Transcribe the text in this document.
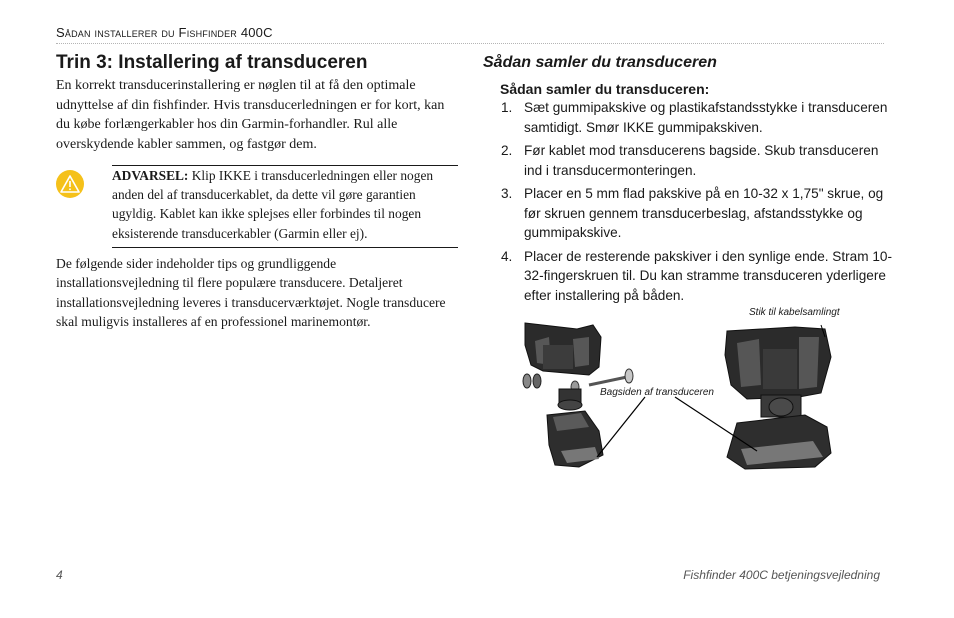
Sådan installerer du Fishfinder 400C
Trin 3: Installering af transduceren

En korrekt transducerinstallering er nøglen til at få den optimale udnyttelse af din fishfinder. Hvis transducerledningen er for kort, kan du købe forlængerkabler hos din Garmin-forhandler. Rul alle overskydende kabler sammen, og fastgør dem.

ADVARSEL: Klip IKKE i transducerledningen eller nogen anden del af transducerkablet, da dette vil gøre garantien ugyldig. Kablet kan ikke splejses eller forbindes til nogen eksisterende transducerkabler (Garmin eller ej).

De følgende sider indeholder tips og grundliggende installationsvejledning til flere populære transducere. Detaljeret installationsvejledning leveres i transducerværktøjet. Nogle transducere skal muligvis installeres af en professionel marinemontør.

Sådan samler du transduceren
Sådan samler du transduceren:
1. Sæt gummipakskive og plastikafstandsstykke i transduceren samtidigt. Smør IKKE gummipakskiven.
2. Før kablet mod transducerens bagside. Skub transduceren ind i transducermonteringen.
3. Placer en 5 mm flad pakskive på en 10-32 x 1,75" skrue, og før skruen gennem transducerbeslag, afstandsstykke og gummipakskive.
4. Placer de resterende pakskiver i den synlige ende. Stram 10-32-fingerskruen til. Du kan stramme transduceren yderligere efter installering på båden.
Stik til kabelsamlingt
Bagsiden af transduceren
4	Fishfinder 400C betjeningsvejledning
